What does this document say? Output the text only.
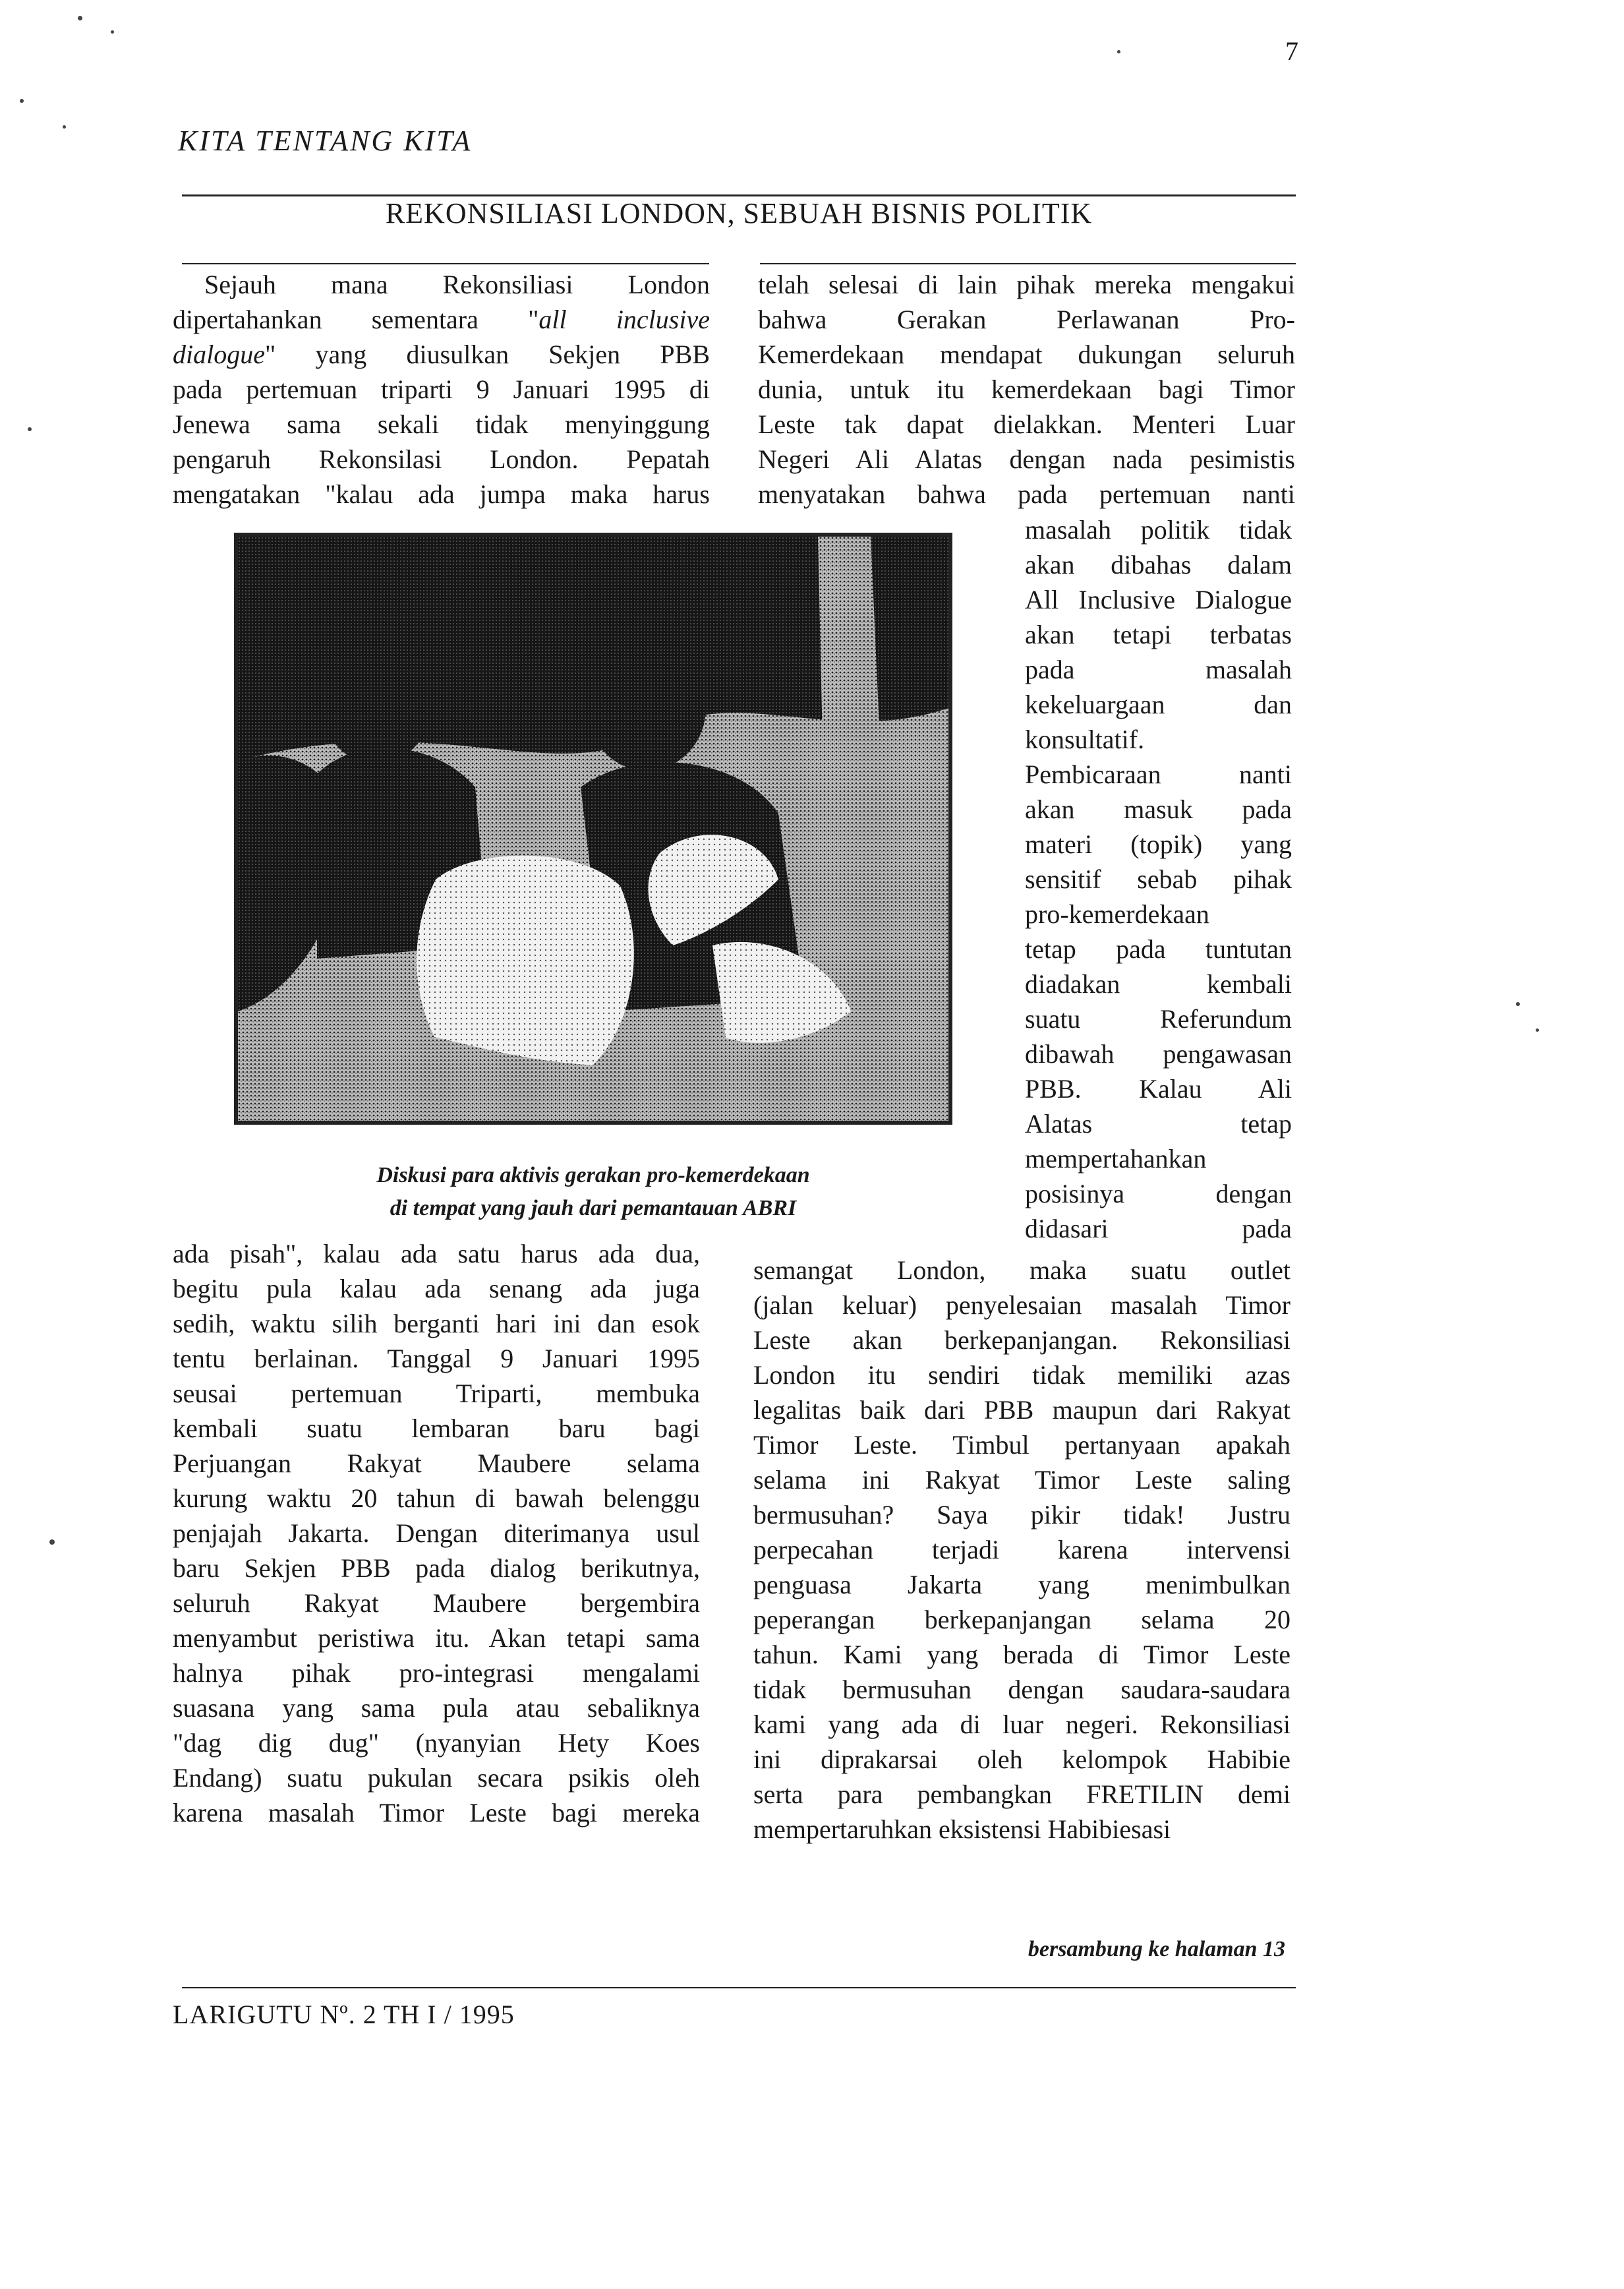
7
KITA TENTANG KITA
REKONSILIASI LONDON, SEBUAH BISNIS POLITIK
Sejauh mana Rekonsiliasi London
dipertahankan sementara "all inclusive
dialogue" yang diusulkan Sekjen PBB
pada pertemuan triparti 9 Januari 1995 di
Jenewa sama sekali tidak menyinggung
pengaruh Rekonsilasi London. Pepatah
mengatakan "kalau ada jumpa maka harus
telah selesai di lain pihak mereka mengakui
bahwa Gerakan Perlawanan Pro-
Kemerdekaan mendapat dukungan seluruh
dunia, untuk itu kemerdekaan bagi Timor
Leste tak dapat dielakkan. Menteri Luar
Negeri Ali Alatas dengan nada pesimistis
menyatakan bahwa pada pertemuan nanti
Diskusi para aktivis gerakan pro-kemerdekaan
di tempat yang jauh dari pemantauan ABRI
masalah politik tidak
akan dibahas dalam
All Inclusive Dialogue
akan tetapi terbatas
pada masalah
kekeluargaan dan
konsultatif.
Pembicaraan nanti
akan masuk pada
materi (topik) yang
sensitif sebab pihak
pro-kemerdekaan
tetap pada tuntutan
diadakan kembali
suatu Referundum
dibawah pengawasan
PBB. Kalau Ali
Alatas tetap
mempertahankan
posisinya dengan
didasari pada
ada pisah", kalau ada satu harus ada dua,
begitu pula kalau ada senang ada juga
sedih, waktu silih berganti hari ini dan esok
tentu berlainan. Tanggal 9 Januari 1995
seusai pertemuan Triparti, membuka
kembali suatu lembaran baru bagi
Perjuangan Rakyat Maubere selama
kurung waktu 20 tahun di bawah belenggu
penjajah Jakarta. Dengan diterimanya usul
baru Sekjen PBB pada dialog berikutnya,
seluruh Rakyat Maubere bergembira
menyambut peristiwa itu. Akan tetapi sama
halnya pihak pro-integrasi mengalami
suasana yang sama pula atau sebaliknya
"dag dig dug" (nyanyian Hety Koes
Endang) suatu pukulan secara psikis oleh
karena masalah Timor Leste bagi mereka
semangat London, maka suatu outlet
(jalan keluar) penyelesaian masalah Timor
Leste akan berkepanjangan. Rekonsiliasi
London itu sendiri tidak memiliki azas
legalitas baik dari PBB maupun dari Rakyat
Timor Leste. Timbul pertanyaan apakah
selama ini Rakyat Timor Leste saling
bermusuhan? Saya pikir tidak! Justru
perpecahan terjadi karena intervensi
penguasa Jakarta yang menimbulkan
peperangan berkepanjangan selama 20
tahun. Kami yang berada di Timor Leste
tidak bermusuhan dengan saudara-saudara
kami yang ada di luar negeri. Rekonsiliasi
ini diprakarsai oleh kelompok Habibie
serta para pembangkan FRETILIN demi
mempertaruhkan eksistensi Habibiesasi
bersambung ke halaman 13
LARIGUTU Nº. 2 TH I / 1995
